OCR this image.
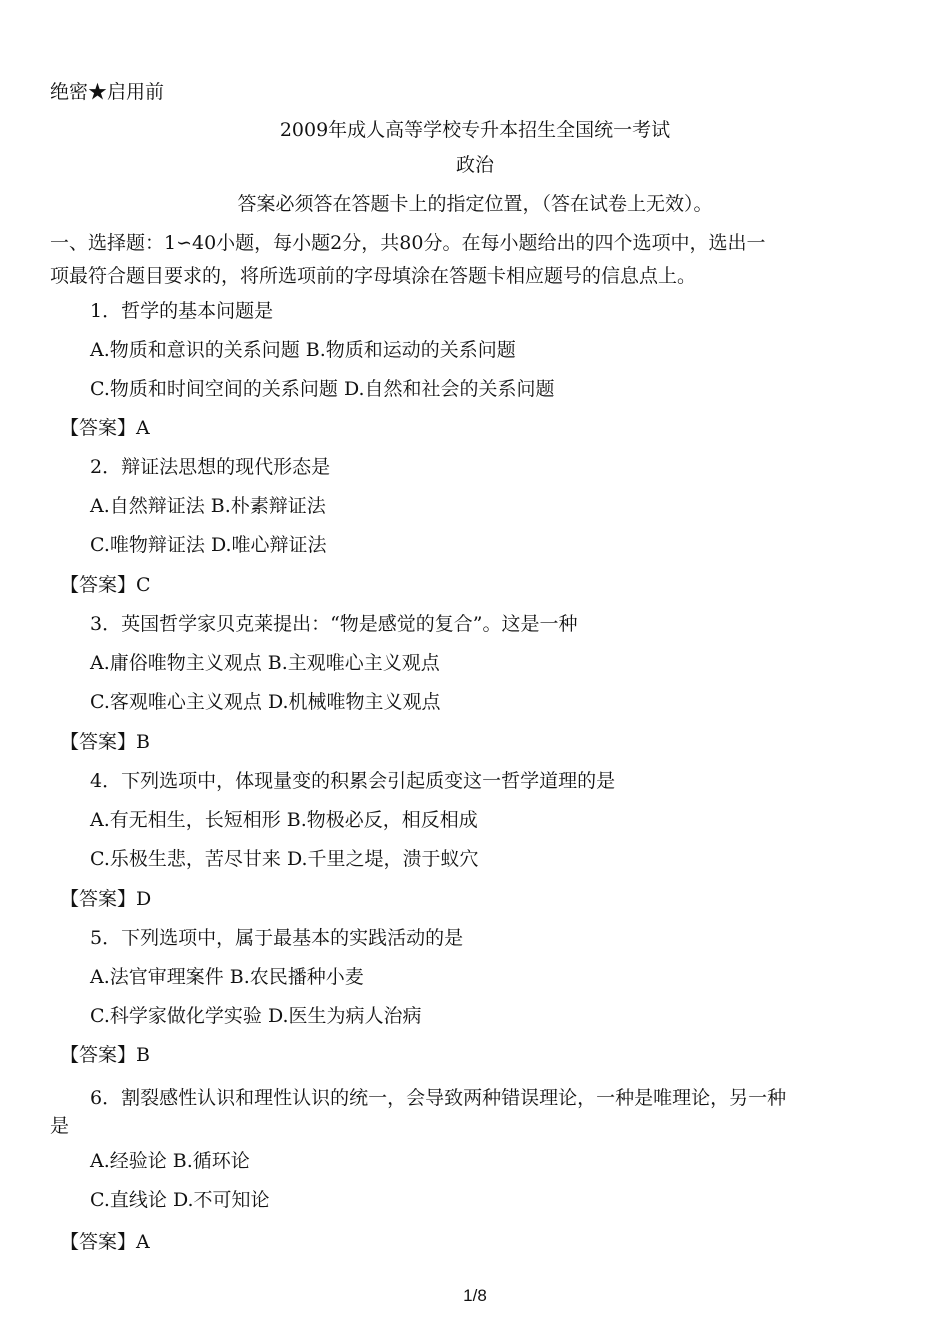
绝密★启用前
2009年成人高等学校专升本招生全国统一考试
政治
答案必须答在答题卡上的指定位置，（答在试卷上无效）。
一、选择题：1∽40小题，每小题2分，共80分。在每小题给出的四个选项中，选出一
项最符合题目要求的，将所选项前的字母填涂在答题卡相应题号的信息点上。
1．哲学的基本问题是
A.物质和意识的关系问题 B.物质和运动的关系问题
C.物质和时间空间的关系问题 D.自然和社会的关系问题
【答案】A
2．辩证法思想的现代形态是
A.自然辩证法 B.朴素辩证法
C.唯物辩证法 D.唯心辩证法
【答案】C
3．英国哲学家贝克莱提出：“物是感觉的复合”。这是一种
A.庸俗唯物主义观点 B.主观唯心主义观点
C.客观唯心主义观点 D.机械唯物主义观点
【答案】B
4．下列选项中，体现量变的积累会引起质变这一哲学道理的是
A.有无相生，长短相形 B.物极必反，相反相成
C.乐极生悲，苦尽甘来 D.千里之堤，溃于蚁穴
【答案】D
5．下列选项中，属于最基本的实践活动的是
A.法官审理案件 B.农民播种小麦
C.科学家做化学实验 D.医生为病人治病
【答案】B
6．割裂感性认识和理性认识的统一，会导致两种错误理论，一种是唯理论，另一种
是
A.经验论 B.循环论
C.直线论 D.不可知论
【答案】A
1/8
